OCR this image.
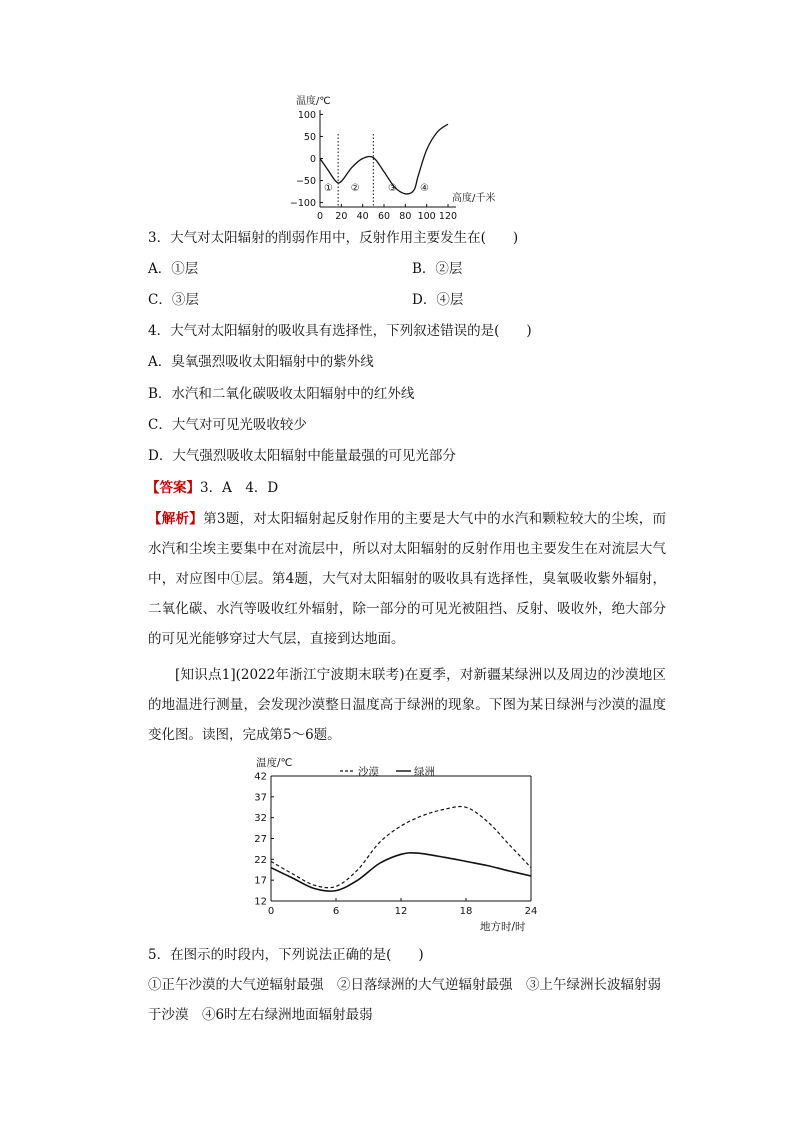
温度/℃
100
50
0
−50
−100
0 20 40 60 80 100 120
① ②	③ ④
高度/千米
3．大气对太阳辐射的削弱作用中，反射作用主要发生在(　　)
A．①层	B．②层
C．③层	D．④层
4．大气对太阳辐射的吸收具有选择性，下列叙述错误的是(　　)
A．臭氧强烈吸收太阳辐射中的紫外线
B．水汽和二氧化碳吸收太阳辐射中的红外线
C．大气对可见光吸收较少
D．大气强烈吸收太阳辐射中能量最强的可见光部分
【答案】3．A　4．D
【解析】第3题，对太阳辐射起反射作用的主要是大气中的水汽和颗粒较大的尘埃，而水汽和尘埃主要集中在对流层中，所以对太阳辐射的反射作用也主要发生在对流层大气中，对应图中①层。第4题，大气对太阳辐射的吸收具有选择性，臭氧吸收紫外辐射，二氧化碳、水汽等吸收红外辐射，除一部分的可见光被阻挡、反射、吸收外，绝大部分的可见光能够穿过大气层，直接到达地面。
[知识点1](2022年浙江宁波期末联考)在夏季，对新疆某绿洲以及周边的沙漠地区的地温进行测量，会发现沙漠整日温度高于绿洲的现象。下图为某日绿洲与沙漠的温度变化图。读图，完成第5～6题。
温度/℃
42
37
32
27
22
17
12
0	6	12	18	24
沙漠	绿洲
地方时/时
5．在图示的时段内，下列说法正确的是(　　)
①正午沙漠的大气逆辐射最强　②日落绿洲的大气逆辐射最强　③上午绿洲长波辐射弱于沙漠　④6时左右绿洲地面辐射最弱
